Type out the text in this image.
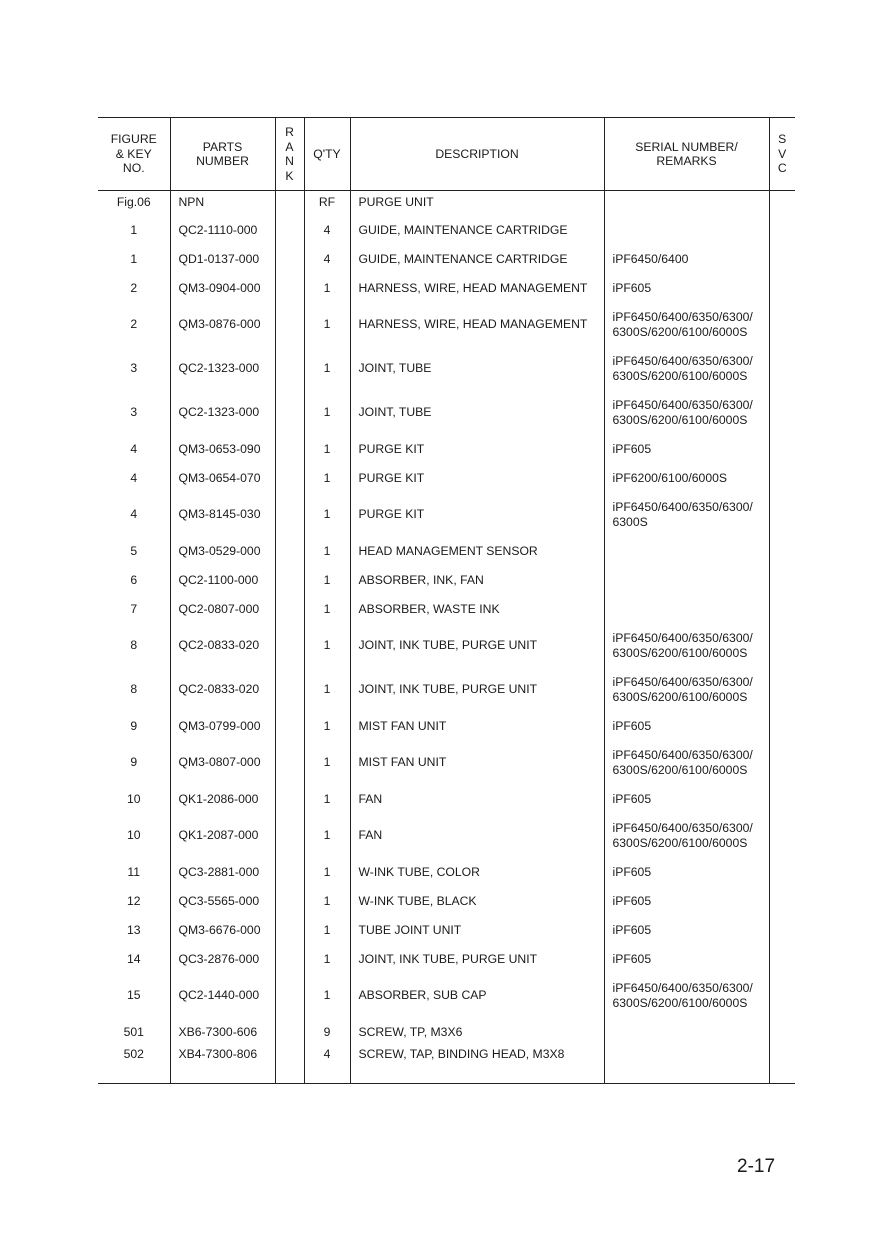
FIGURE
& KEY
NO.	PARTS
NUMBER	R
A
N
K	Q'TY	DESCRIPTION	SERIAL NUMBER/
REMARKS	S
V
C
Fig.06	NPN		RF	PURGE UNIT		
1	QC2-1110-000		4	GUIDE, MAINTENANCE CARTRIDGE		
1	QD1-0137-000		4	GUIDE, MAINTENANCE CARTRIDGE	iPF6450/6400	
2	QM3-0904-000		1	HARNESS, WIRE, HEAD MANAGEMENT	iPF605	
2	QM3-0876-000		1	HARNESS, WIRE, HEAD MANAGEMENT	iPF6450/6400/6350/6300/
6300S/6200/6100/6000S	
3	QC2-1323-000		1	JOINT, TUBE	iPF6450/6400/6350/6300/
6300S/6200/6100/6000S	
3	QC2-1323-000		1	JOINT, TUBE	iPF6450/6400/6350/6300/
6300S/6200/6100/6000S	
4	QM3-0653-090		1	PURGE KIT	iPF605	
4	QM3-0654-070		1	PURGE KIT	iPF6200/6100/6000S	
4	QM3-8145-030		1	PURGE KIT	iPF6450/6400/6350/6300/
6300S	
5	QM3-0529-000		1	HEAD MANAGEMENT SENSOR		
6	QC2-1100-000		1	ABSORBER, INK, FAN		
7	QC2-0807-000		1	ABSORBER, WASTE INK		
8	QC2-0833-020		1	JOINT, INK TUBE, PURGE UNIT	iPF6450/6400/6350/6300/
6300S/6200/6100/6000S	
8	QC2-0833-020		1	JOINT, INK TUBE, PURGE UNIT	iPF6450/6400/6350/6300/
6300S/6200/6100/6000S	
9	QM3-0799-000		1	MIST FAN UNIT	iPF605	
9	QM3-0807-000		1	MIST FAN UNIT	iPF6450/6400/6350/6300/
6300S/6200/6100/6000S	
10	QK1-2086-000		1	FAN	iPF605	
10	QK1-2087-000		1	FAN	iPF6450/6400/6350/6300/
6300S/6200/6100/6000S	
11	QC3-2881-000		1	W-INK TUBE, COLOR	iPF605	
12	QC3-5565-000		1	W-INK TUBE, BLACK	iPF605	
13	QM3-6676-000		1	TUBE JOINT UNIT	iPF605	
14	QC3-2876-000		1	JOINT, INK TUBE, PURGE UNIT	iPF605	
15	QC2-1440-000		1	ABSORBER, SUB CAP	iPF6450/6400/6350/6300/
6300S/6200/6100/6000S	
501	XB6-7300-606		9	SCREW, TP, M3X6		
502	XB4-7300-806		4	SCREW, TAP, BINDING HEAD, M3X8		
2-17
